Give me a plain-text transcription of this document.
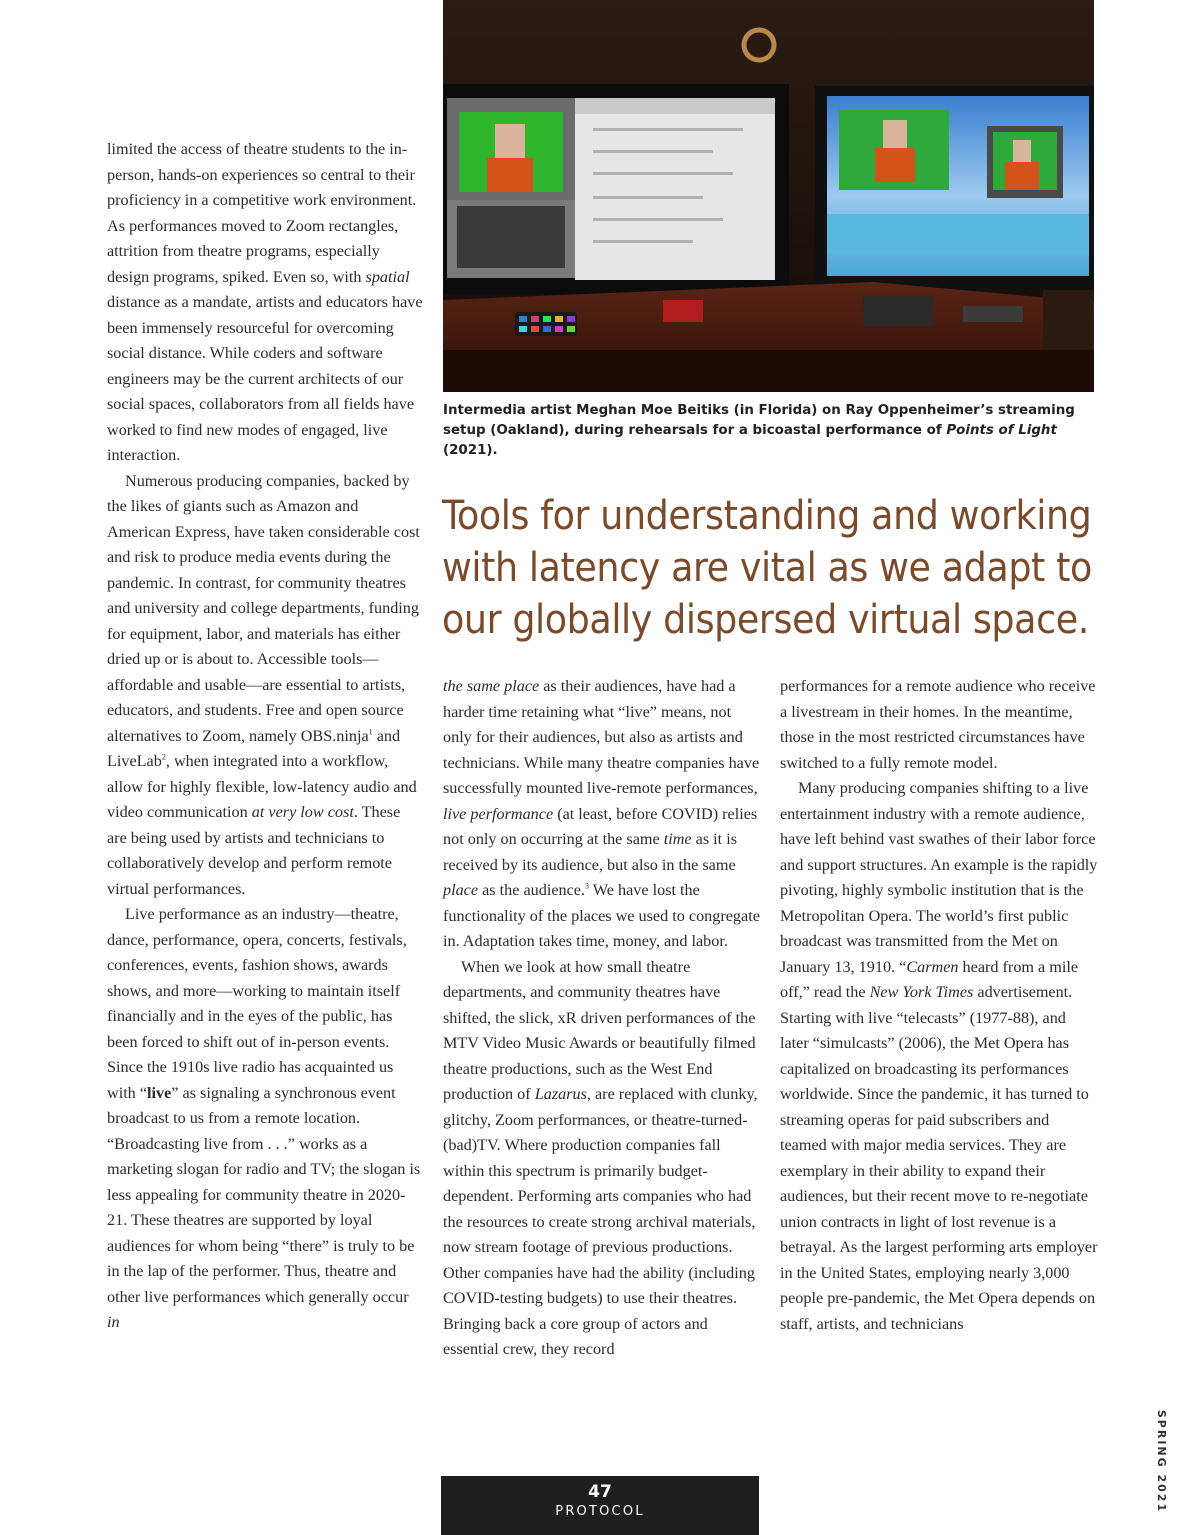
limited the access of theatre students to the in-person, hands-on experiences so central to their proficiency in a competitive work environment. As performances moved to Zoom rectangles, attrition from theatre programs, especially design programs, spiked. Even so, with spatial distance as a mandate, artists and educators have been immensely resourceful for overcoming social distance. While coders and software engineers may be the current architects of our social spaces, collaborators from all fields have worked to find new modes of engaged, live interaction.

Numerous producing companies, backed by the likes of giants such as Amazon and American Express, have taken considerable cost and risk to produce media events during the pandemic. In contrast, for community theatres and university and college departments, funding for equipment, labor, and materials has either dried up or is about to. Accessible tools—affordable and usable—are essential to artists, educators, and students. Free and open source alternatives to Zoom, namely OBS.ninja$^1$ and LiveLab$^2$, when integrated into a workflow, allow for highly flexible, low-latency audio and video communication at very low cost. These are being used by artists and technicians to collaboratively develop and perform remote virtual performances.

Live performance as an industry—theatre, dance, performance, opera, concerts, festivals, conferences, events, fashion shows, awards shows, and more—working to maintain itself financially and in the eyes of the public, has been forced to shift out of in-person events. Since the 1910s live radio has acquainted us with “live” as signaling a synchronous event broadcast to us from a remote location. “Broadcasting live from . . .” works as a marketing slogan for radio and TV; the slogan is less appealing for community theatre in 2020-21. These theatres are supported by loyal audiences for whom being “there” is truly to be in the lap of the performer. Thus, theatre and other live performances which generally occur in

Intermedia artist Meghan Moe Beitiks (in Florida) on Ray Oppenheimer’s streaming setup (Oakland), during rehearsals for a bicoastal performance of Points of Light (2021).
Tools for understanding and working with latency are vital as we adapt to our globally dispersed virtual space.

the same place as their audiences, have had a harder time retaining what “live” means, not only for their audiences, but also as artists and technicians. While many theatre companies have successfully mounted live-remote performances, live performance (at least, before COVID) relies not only on occurring at the same time as it is received by its audience, but also in the same place as the audience.$^3$ We have lost the functionality of the places we used to congregate in. Adaptation takes time, money, and labor.

When we look at how small theatre departments, and community theatres have shifted, the slick, xR driven performances of the MTV Video Music Awards or beautifully filmed theatre productions, such as the West End production of Lazarus, are replaced with clunky, glitchy, Zoom performances, or theatre-turned-(bad)TV. Where production companies fall within this spectrum is primarily budget-dependent. Performing arts companies who had the resources to create strong archival materials, now stream footage of previous productions. Other companies have had the ability (including COVID-testing budgets) to use their theatres. Bringing back a core group of actors and essential crew, they record

performances for a remote audience who receive a livestream in their homes. In the meantime, those in the most restricted circumstances have switched to a fully remote model.

Many producing companies shifting to a live entertainment industry with a remote audience, have left behind vast swathes of their labor force and support structures. An example is the rapidly pivoting, highly symbolic institution that is the Metropolitan Opera. The world’s first public broadcast was transmitted from the Met on January 13, 1910. “Carmen heard from a mile off,” read the New York Times advertisement. Starting with live “telecasts” (1977-88), and later “simulcasts” (2006), the Met Opera has capitalized on broadcasting its performances worldwide. Since the pandemic, it has turned to streaming operas for paid subscribers and teamed with major media services. They are exemplary in their ability to expand their audiences, but their recent move to re-negotiate union contracts in light of lost revenue is a betrayal. As the largest performing arts employer in the United States, employing nearly 3,000 people pre-pandemic, the Met Opera depends on staff, artists, and technicians

47
PROTOCOL	SPRING 2021
